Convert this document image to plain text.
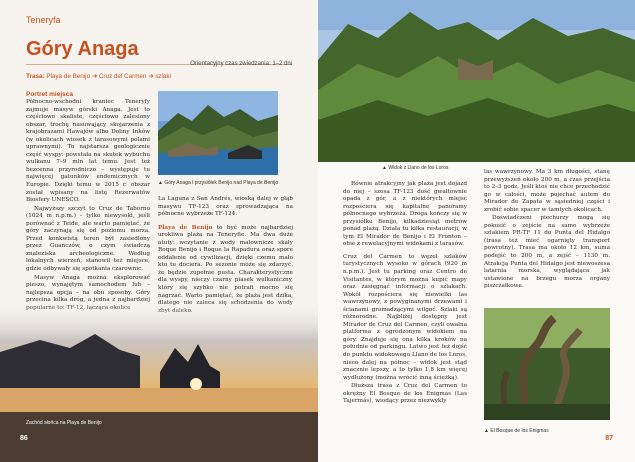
Teneryfa
Góry Anaga
Orientacyjny czas zwiedzania: 1–2 dni
Trasa: Playa de Benijo ➔ Cruz del Carmen ➔ szlaki
Portret miejsca

Północno-wschodni kraniec Teneryfy zajmuje masyw górski Anaga. Jest to częściowo skaliste, częściowo zalesiony obszar, trochę nasuwający skojarzenia z krajobrazami Hawajów albo Doliny Inków (w okolicach wiosek z tarasowymi polami uprawnymi). To najstarsza geologicznie część wyspy: powstała na skutek wybuchu wulkanu 7–9 mln lat temu. Jest też bezcenna przyrodniczo – występuje tu najwięcej gatunków endemicznych w Europie. Dzięki temu w 2015 r. obszar został wpisany na listę Rezerwatów Biosfery UNESCO.

Najwyższy szczyt to Cruz de Taborno (1024 m n.p.m.) – tylko niewysoki, jeśli porównać z Teide, ale warto pamiętać, że góry zaczynają się od poziomu morza. Przed konkwistą teren był zasiedlony przez Guanczów, o czym świadczą znaleziska archeologiczne. Według lokalnych wierzeń, stanowił też miejsce, gdzie odbywały się spotkania czarownic.

Masyw Anaga można eksplorować pieszo, wynajętym samochodem lub – najlepsza opcja – na obu sposoby. Góry

▲ Góry Anaga i przysiółek Benijo nad Playa de Benijo

La Laguna z San Andrés, wioską dalej w głąb masywu TF-123 oraz sprowadzająca na północne wybrzeże TF-124.

Playa de Benijo to być może najbardziej urokliwa plaża na Teneryfie. Ma dwa duże atuty: wczytanie z wody malownicze skały Roque Benijo i Roque la Rapadura oraz spore oddalenie od cywilizacji, dzięki czemu mało kto tu dociera. Po sezonie może się zdarzyć, że będzie zupełnie pusta. Charakterystyczne dla wyspy, nieczy czarny piasek wulkaniczny, który się szybko nie potrafi mocno się nagrzać. Warto pamiętać, że plaża jest dzika,

Zachód słońca na Playa de Benijo
86
▲ Widok z Llano de los Loros

Równie atrakcyjny jak plaża jest dojazd do niej – szosa TF-123 dość gwałtownie opada z gór, a z niektórych miejsc rozpościera się kapitalne panoramy północnego wybrzeża. Droga kończy się w przysiółku Benijo, kilkadziesiąt metrów ponad plażą. Działa tu kilka restauracji, w tym El Mirador de Benijo i El Fronton – obie z rewelacyjnymi widokami z tarasów.

Cruz del Carmen to węzeł szlaków turystycznych wysoko w górach (920 m n.p.m.). Jest tu parking oraz Centro de Visitantes, w którym można kupić mapy oraz zasięgnąć informacji o szlakach. Wokół rozpościera się niewielki las wawrzynowy, z powyginanymi drzewami i ścianami gromadzącymi wilgoć. Szlaki są różnorodne. Najbliżej dostępny jest Mirador de Cruz del Carmen, czyli owalna platforma z ogrodzonym widokiem na góry. Znajduje się ona kilka kroków na południe od parkingu. Latwo jest też dojść do punktu widokowego Llano de los Loros, nieco dalej na północ – widok jest stąd znacznie lepszy, a to tylko 1,8 km więcej wydłużony (można wrócić inną ścieżką).

Dłuższa trasa z Cruz del Carmen to okrężny El Bosque de los Enigmas (Las Tajermás), wiodący przez niezwykły

las wawrzynowy. Ma 3 km długości, stanę przewyższeń około 200 m, a czas przejścia to 2–3 godz. Jeśli ktoś nie chce przechodzić go w całości, może pojechać autem do Mirador de Zapata w sąsiedniej części i zrobić sobie spacer w tamtych okolicach.

Doświadczeni piechurzy mogą się pokusić o zejście na samo wybrzeże szlakiem PR-TF 11 do Punta del Hidalgo (trasa też mieć ogarnięty transport powrotny). Trasa ma około 12 km, suma podejść to 200 m, a zejść – 1130 m. Atrakcją Punta del Hidalgo jest niewoszesa latarnia morska, wyglądająca jak ustawione na brzegu morza organy piszczałkowe.

▲ El Bosque de los Enigmas
87
